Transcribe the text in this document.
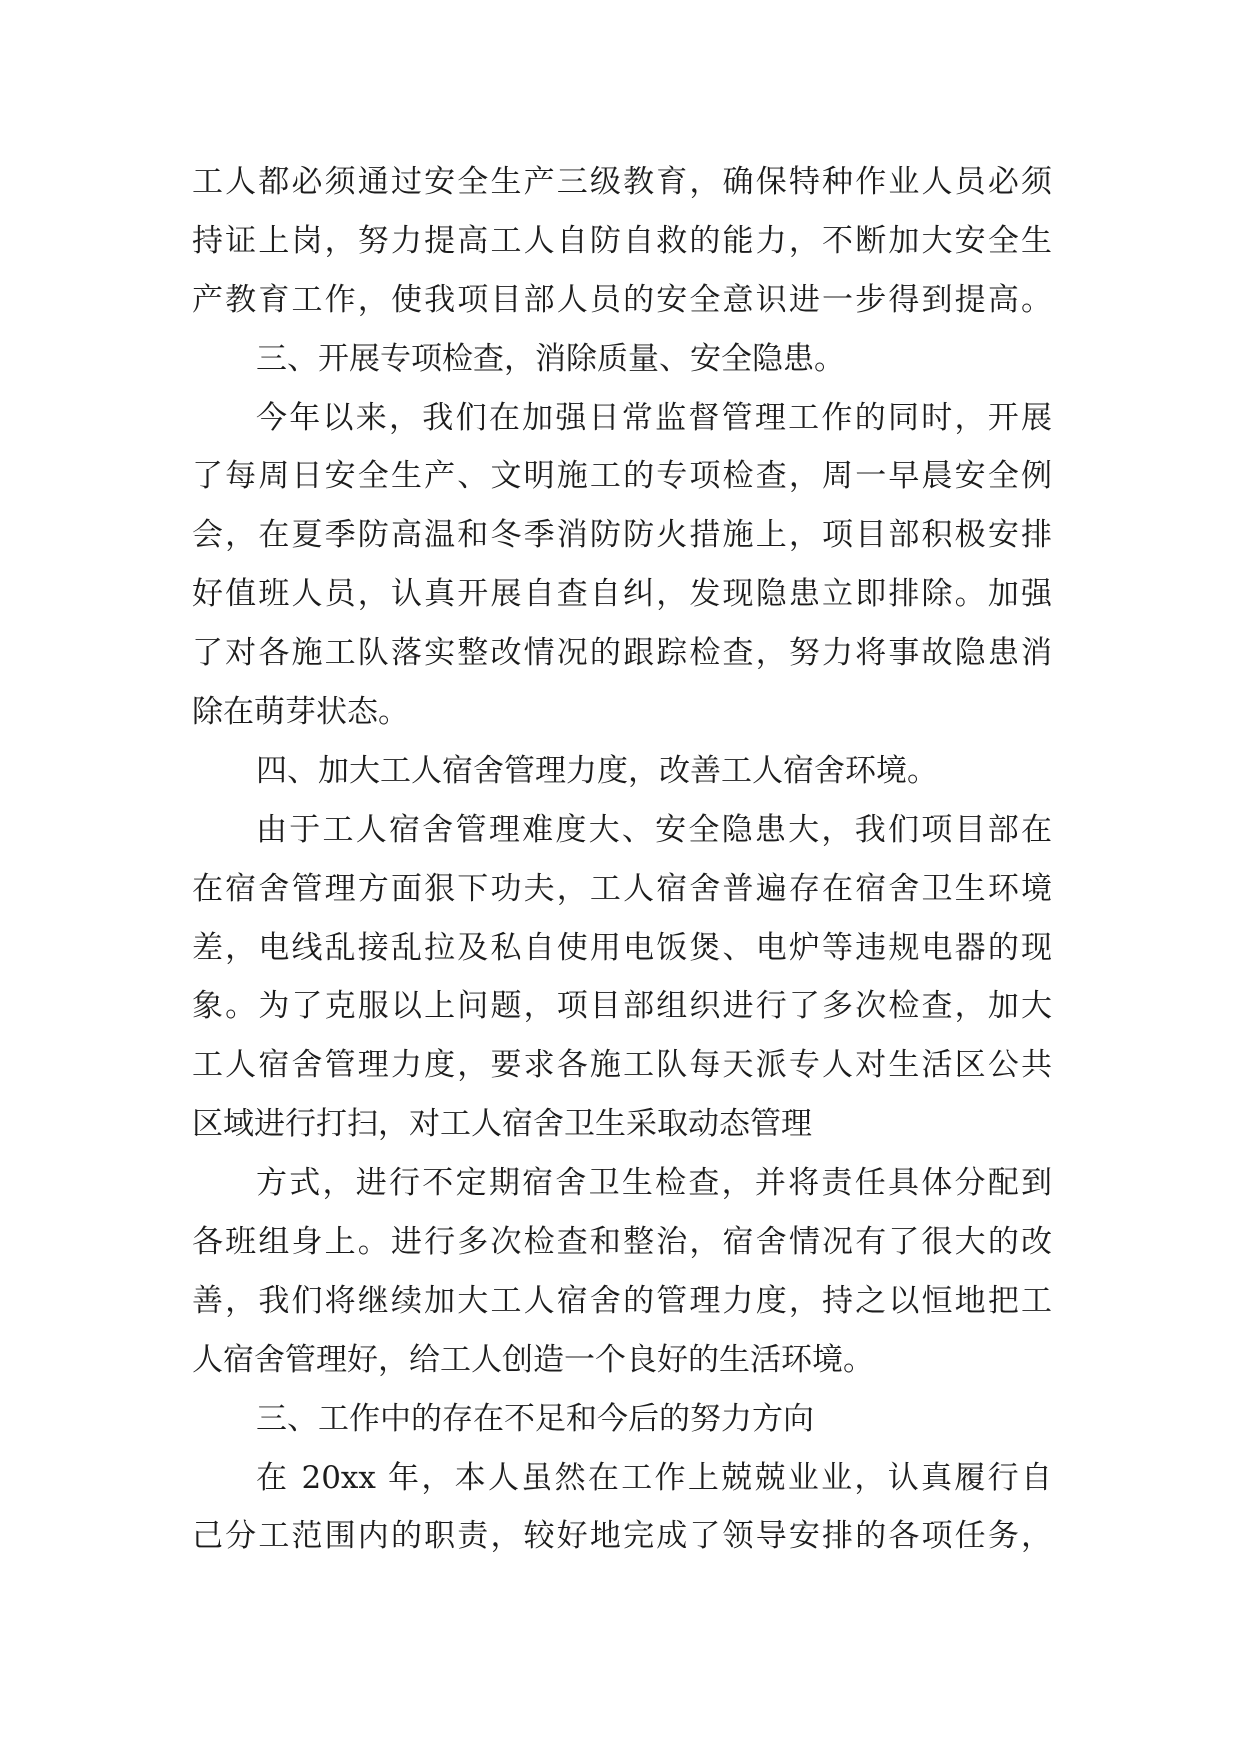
工人都必须通过安全生产三级教育，确保特种作业人员必须
持证上岗，努力提高工人自防自救的能力，不断加大安全生
产教育工作，使我项目部人员的安全意识进一步得到提高。
三、开展专项检查，消除质量、安全隐患。
今年以来，我们在加强日常监督管理工作的同时，开展
了每周日安全生产、文明施工的专项检查，周一早晨安全例
会，在夏季防高温和冬季消防防火措施上，项目部积极安排
好值班人员，认真开展自查自纠，发现隐患立即排除。加强
了对各施工队落实整改情况的跟踪检查，努力将事故隐患消
除在萌芽状态。
四、加大工人宿舍管理力度，改善工人宿舍环境。
由于工人宿舍管理难度大、安全隐患大，我们项目部在
在宿舍管理方面狠下功夫，工人宿舍普遍存在宿舍卫生环境
差，电线乱接乱拉及私自使用电饭煲、电炉等违规电器的现
象。为了克服以上问题，项目部组织进行了多次检查，加大
工人宿舍管理力度，要求各施工队每天派专人对生活区公共
区域进行打扫，对工人宿舍卫生采取动态管理
方式，进行不定期宿舍卫生检查，并将责任具体分配到
各班组身上。进行多次检查和整治，宿舍情况有了很大的改
善，我们将继续加大工人宿舍的管理力度，持之以恒地把工
人宿舍管理好，给工人创造一个良好的生活环境。
三、工作中的存在不足和今后的努力方向
在 20xx 年，本人虽然在工作上兢兢业业，认真履行自
己分工范围内的职责，较好地完成了领导安排的各项任务，
